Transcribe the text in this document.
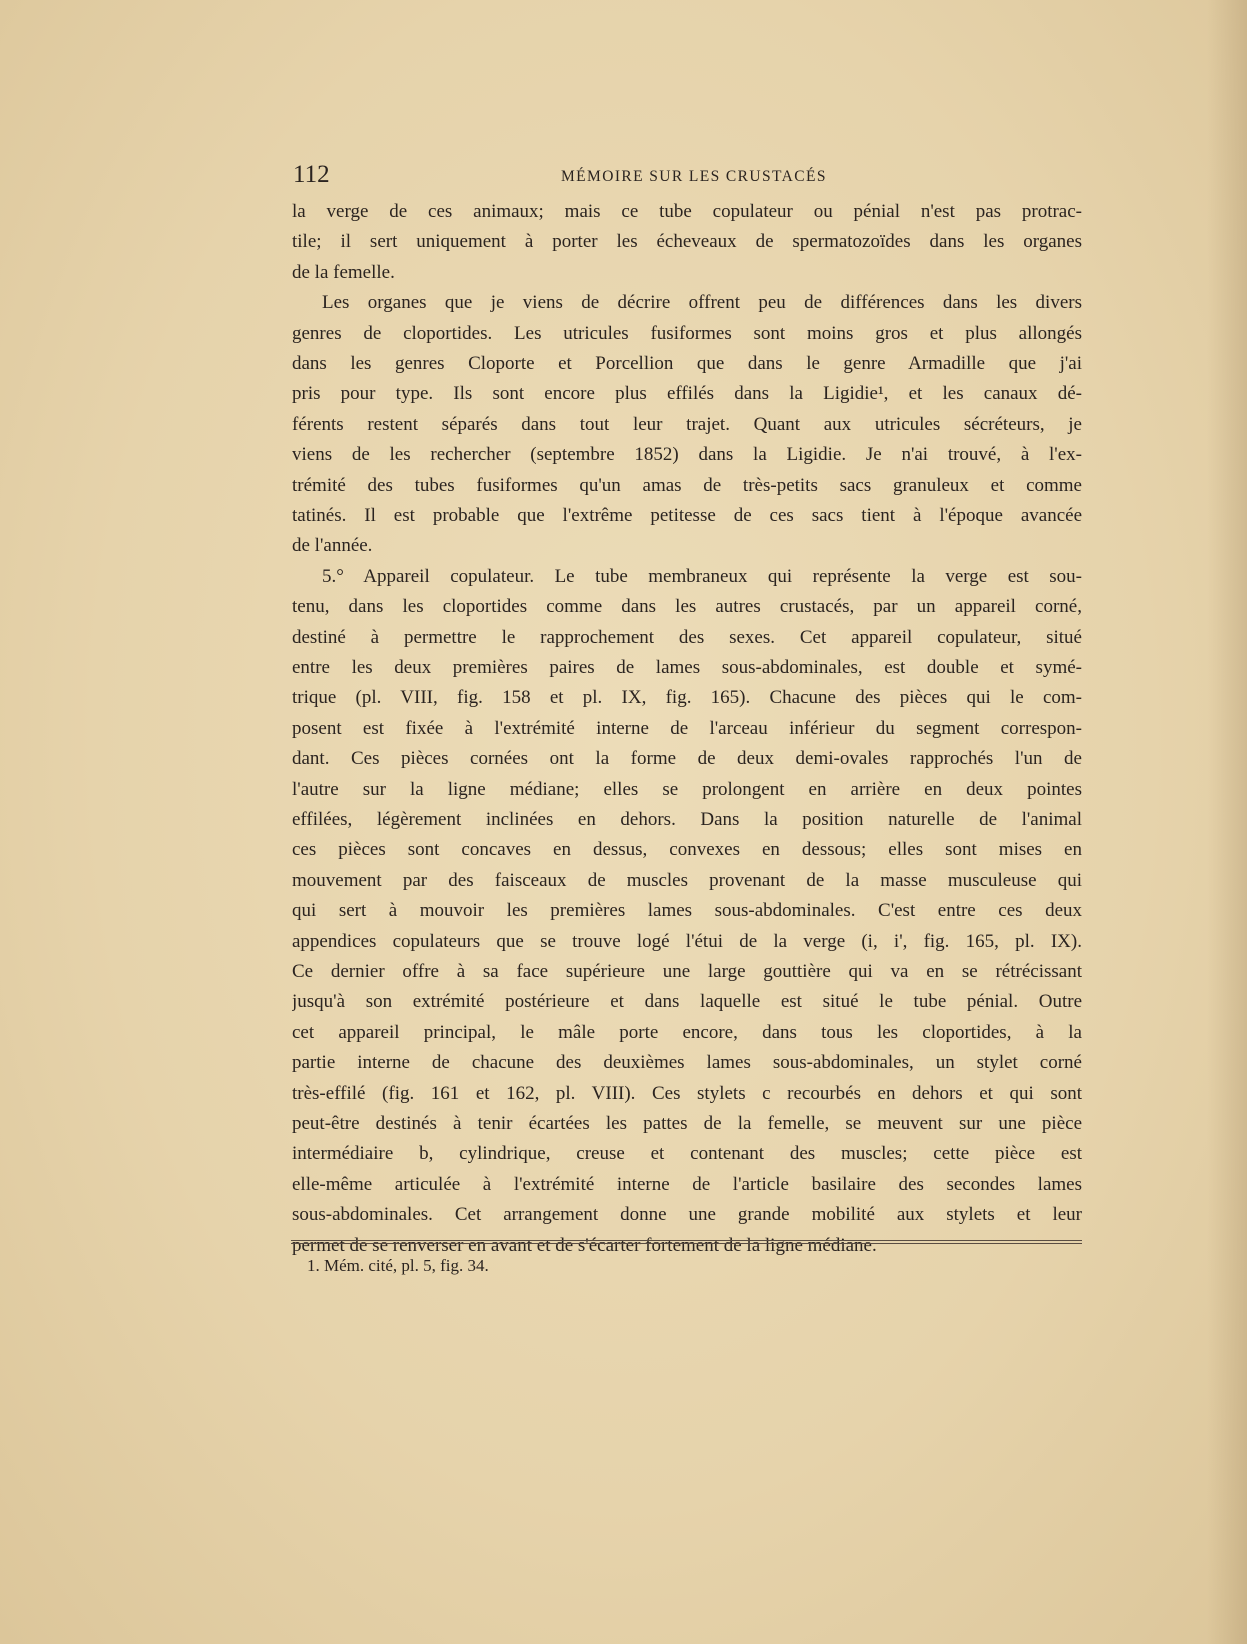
112	MÉMOIRE SUR LES CRUSTACÉS
la verge de ces animaux; mais ce tube copulateur ou pénial n'est pas protrac-
tile; il sert uniquement à porter les écheveaux de spermatozoïdes dans les organes
de la femelle.
Les organes que je viens de décrire offrent peu de différences dans les divers
genres de cloportides. Les utricules fusiformes sont moins gros et plus allongés
dans les genres Cloporte et Porcellion que dans le genre Armadille que j'ai
pris pour type. Ils sont encore plus effilés dans la Ligidie¹, et les canaux dé-
férents restent séparés dans tout leur trajet. Quant aux utricules sécréteurs, je
viens de les rechercher (septembre 1852) dans la Ligidie. Je n'ai trouvé, à l'ex-
trémité des tubes fusiformes qu'un amas de très-petits sacs granuleux et comme
tatinés. Il est probable que l'extrême petitesse de ces sacs tient à l'époque avancée
de l'année.
5.° Appareil copulateur. Le tube membraneux qui représente la verge est sou-
tenu, dans les cloportides comme dans les autres crustacés, par un appareil corné,
destiné à permettre le rapprochement des sexes. Cet appareil copulateur, situé
entre les deux premières paires de lames sous-abdominales, est double et symé-
trique (pl. VIII, fig. 158 et pl. IX, fig. 165). Chacune des pièces qui le com-
posent est fixée à l'extrémité interne de l'arceau inférieur du segment correspon-
dant. Ces pièces cornées ont la forme de deux demi-ovales rapprochés l'un de
l'autre sur la ligne médiane; elles se prolongent en arrière en deux pointes
effilées, légèrement inclinées en dehors. Dans la position naturelle de l'animal
ces pièces sont concaves en dessus, convexes en dessous; elles sont mises en
mouvement par des faisceaux de muscles provenant de la masse musculeuse qui
qui sert à mouvoir les premières lames sous-abdominales. C'est entre ces deux
appendices copulateurs que se trouve logé l'étui de la verge (i, i', fig. 165, pl. IX).
Ce dernier offre à sa face supérieure une large gouttière qui va en se rétrécissant
jusqu'à son extrémité postérieure et dans laquelle est situé le tube pénial. Outre
cet appareil principal, le mâle porte encore, dans tous les cloportides, à la
partie interne de chacune des deuxièmes lames sous-abdominales, un stylet corné
très-effilé (fig. 161 et 162, pl. VIII). Ces stylets c recourbés en dehors et qui sont
peut-être destinés à tenir écartées les pattes de la femelle, se meuvent sur une pièce
intermédiaire b, cylindrique, creuse et contenant des muscles; cette pièce est
elle-même articulée à l'extrémité interne de l'article basilaire des secondes lames
sous-abdominales. Cet arrangement donne une grande mobilité aux stylets et leur
permet de se renverser en avant et de s'écarter fortement de la ligne médiane.
1. Mém. cité, pl. 5, fig. 34.
